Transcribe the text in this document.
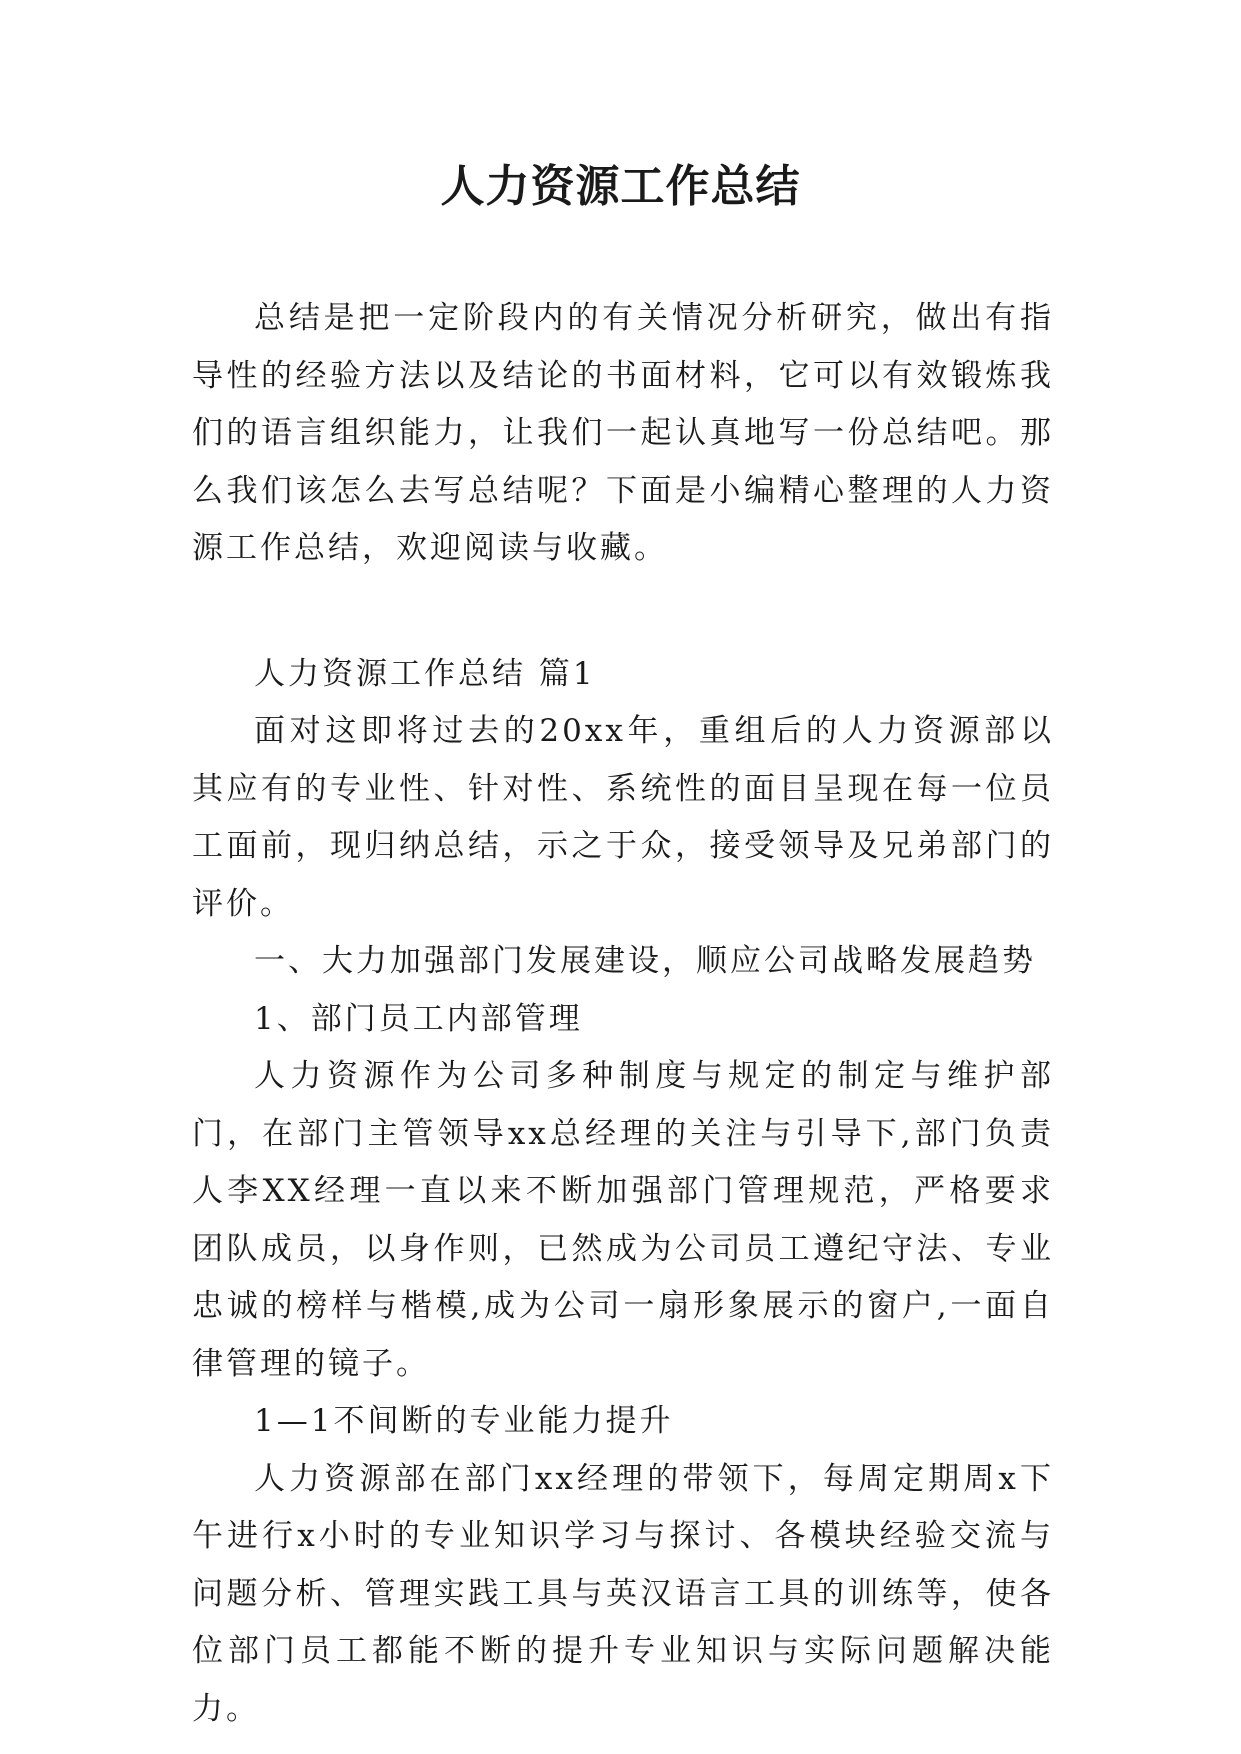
人力资源工作总结

总结是把一定阶段内的有关情况分析研究，做出有指导性的经验方法以及结论的书面材料，它可以有效锻炼我们的语言组织能力，让我们一起认真地写一份总结吧。那么我们该怎么去写总结呢？下面是小编精心整理的人力资源工作总结，欢迎阅读与收藏。

人力资源工作总结 篇1

面对这即将过去的20xx年，重组后的人力资源部以其应有的专业性、针对性、系统性的面目呈现在每一位员工面前，现归纳总结，示之于众，接受领导及兄弟部门的评价。

一、大力加强部门发展建设，顺应公司战略发展趋势

1、部门员工内部管理

人力资源作为公司多种制度与规定的制定与维护部门，在部门主管领导xx总经理的关注与引导下,部门负责人李XX经理一直以来不断加强部门管理规范，严格要求团队成员，以身作则，已然成为公司员工遵纪守法、专业忠诚的榜样与楷模,成为公司一扇形象展示的窗户,一面自律管理的镜子。

1—1不间断的专业能力提升

人力资源部在部门xx经理的带领下，每周定期周x下午进行x小时的专业知识学习与探讨、各模块经验交流与问题分析、管理实践工具与英汉语言工具的训练等，使各位部门员工都能不断的提升专业知识与实际问题解决能力。
